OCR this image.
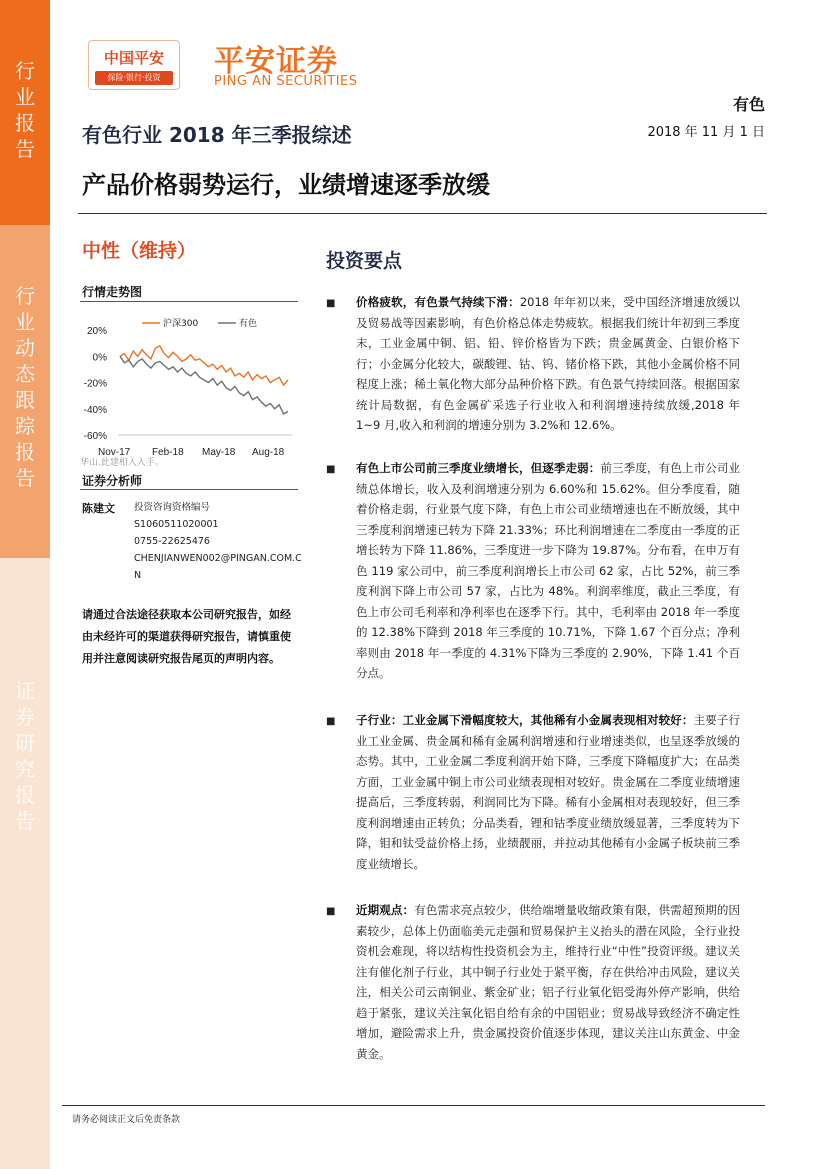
行
业
报
告
行
业
动
态
跟
踪
报
告
证
券
研
究
报
告
中国平安
保险·银行·投资	平安证券
PING AN SECURITIES
有色
2018 年 11 月 1 日
有色行业 2018 年三季报综述
产品价格弱势运行，业绩增速逐季放缓
中性（维持）
行情走势图
20%
0%
-20%
-40%
-60%
Nov-17 Feb-18 May-18 Aug-18
沪深300	有色
华山.此建相入入手。
证券分析师
陈建文 投资咨询资格编号
S1060511020001
0755-22625476
CHENJIANWEN002@PINGAN.COM.CN
请通过合法途径获取本公司研究报告，如经由未经许可的渠道获得研究报告，请慎重使用并注意阅读研究报告尾页的声明内容。
投资要点
■	价格疲软，有色景气持续下滑：2018 年年初以来，受中国经济增速放缓以及贸易战等因素影响，有色价格总体走势疲软。根据我们统计年初到三季度末，工业金属中铜、铝、铅、锌价格皆为下跌；贵金属黄金、白银价格下行；小金属分化较大，碳酸锂、钴、钨、锗价格下跌，其他小金属价格不同程度上涨；稀土氧化物大部分品种价格下跌。有色景气持续回落。根据国家统计局数据，有色金属矿采选子行业收入和利润增速持续放缓,2018 年 1~9 月,收入和利润的增速分别为 3.2%和 12.6%。
■	有色上市公司前三季度业绩增长，但逐季走弱：前三季度，有色上市公司业绩总体增长，收入及利润增速分别为 6.60%和 15.62%。但分季度看，随着价格走弱，行业景气度下降，有色上市公司业绩增速也在不断放缓，其中三季度利润增速已转为下降 21.33%；环比利润增速在二季度由一季度的正增长转为下降 11.86%，三季度进一步下降为 19.87%。分布看，在申万有色 119 家公司中，前三季度利润增长上市公司 62 家，占比 52%，前三季度利润下降上市公司 57 家，占比为 48%。利润率维度，截止三季度，有色上市公司毛利率和净利率也在逐季下行。其中，毛利率由 2018 年一季度的 12.38%下降到 2018 年三季度的 10.71%，下降 1.67 个百分点；净利率则由 2018 年一季度的 4.31%下降为三季度的 2.90%，下降 1.41 个百分点。
■	子行业：工业金属下滑幅度较大，其他稀有小金属表现相对较好：主要子行业工业金属、贵金属和稀有金属利润增速和行业增速类似，也呈逐季放缓的态势。其中，工业金属二季度利润开始下降，三季度下降幅度扩大；在品类方面，工业金属中铜上市公司业绩表现相对较好。贵金属在二季度业绩增速提高后，三季度转弱，利润同比为下降。稀有小金属相对表现较好，但三季度利润增速由正转负；分品类看，锂和钴季度业绩放缓显著，三季度转为下降，钼和钛受益价格上扬，业绩靓丽，并拉动其他稀有小金属子板块前三季度业绩增长。
■	近期观点：有色需求亮点较少，供给端增量收缩政策有限，供需超预期的因素较少，总体上仍面临美元走强和贸易保护主义抬头的潜在风险，全行业投资机会难现，将以结构性投资机会为主，维持行业“中性”投资评级。建议关注有催化剂子行业，其中铜子行业处于紧平衡，存在供给冲击风险，建议关注，相关公司云南铜业、紫金矿业；铝子行业氧化铝受海外停产影响，供给趋于紧张，建议关注氧化铝自给有余的中国铝业；贸易战导致经济不确定性增加，避险需求上升，贵金属投资价值逐步体现，建议关注山东黄金、中金黄金。
请务必阅读正文后免责条款
